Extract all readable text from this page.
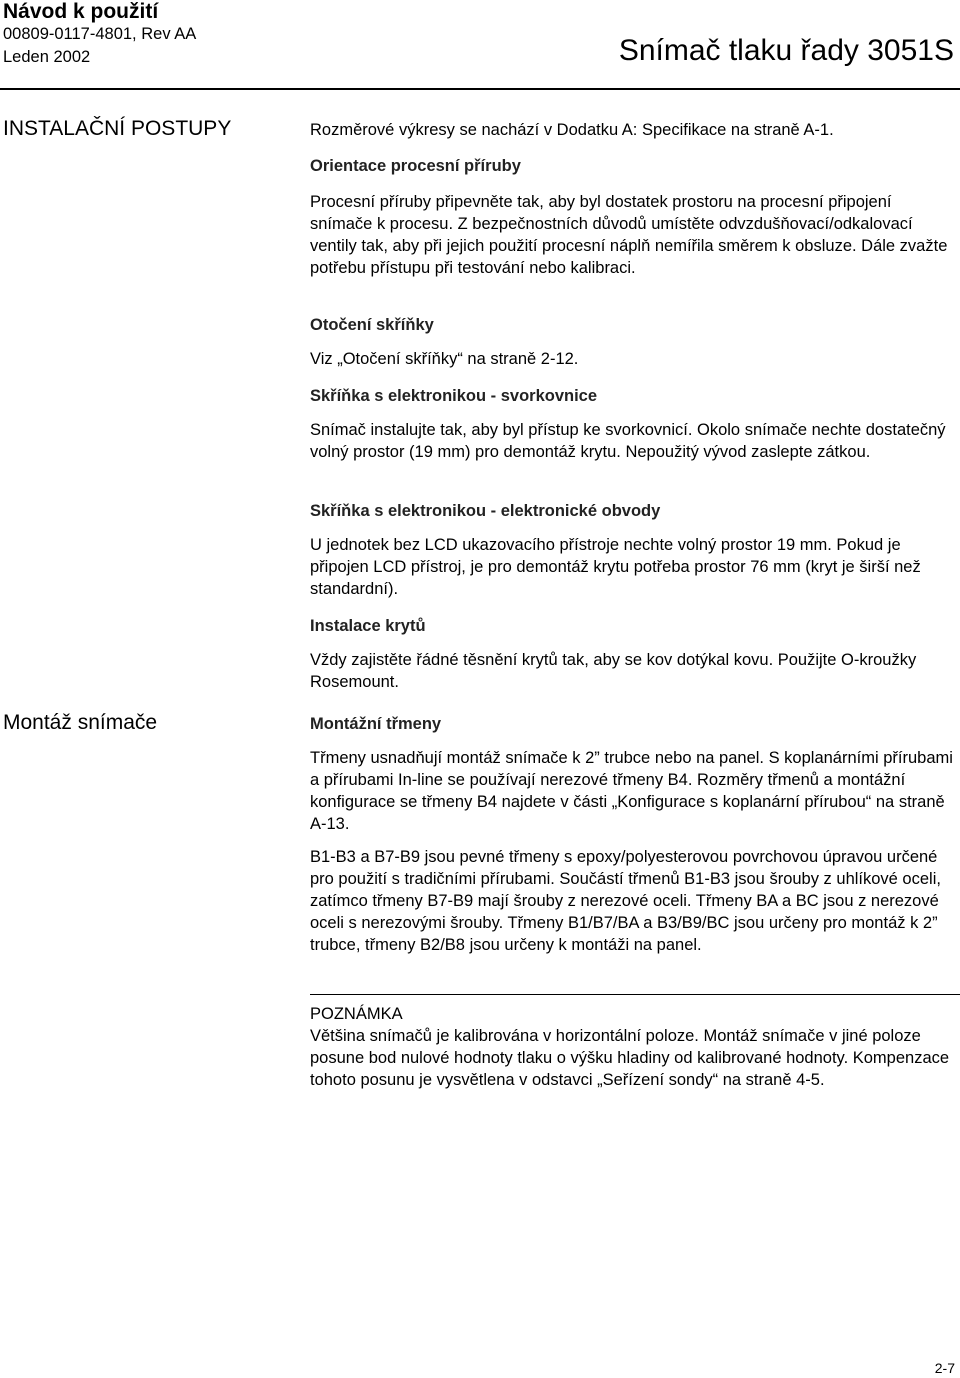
Návod k použití
00809-0117-4801, Rev AA
Leden 2002	Snímač tlaku řady 3051S
INSTALAČNÍ POSTUPY
Montáž snímače
Rozměrové výkresy se nachází v Dodatku A: Specifikace na straně A-1.
Orientace procesní příruby
Procesní příruby připevněte tak, aby byl dostatek prostoru na procesní připojení snímače k procesu. Z bezpečnostních důvodů umístěte odvzdušňovací/odkalovací ventily tak, aby při jejich použití procesní náplň nemířila směrem k obsluze. Dále zvažte potřebu přístupu při testování nebo kalibraci.
Otočení skříňky
Viz „Otočení skříňky“ na straně 2-12.
Skříňka s elektronikou - svorkovnice
Snímač instalujte tak, aby byl přístup ke svorkovnicí. Okolo snímače nechte dostatečný volný prostor (19 mm) pro demontáž krytu. Nepoužitý vývod zaslepte zátkou.
Skříňka s elektronikou - elektronické obvody
U jednotek bez LCD ukazovacího přístroje nechte volný prostor 19 mm. Pokud je připojen LCD přístroj, je pro demontáž krytu potřeba prostor 76 mm (kryt je širší než standardní).
Instalace krytů
Vždy zajistěte řádné těsnění krytů tak, aby se kov dotýkal kovu. Použijte O-kroužky Rosemount.
Montážní třmeny
Třmeny usnadňují montáž snímače k 2” trubce nebo na panel. S koplanárními přírubami a přírubami In-line se používají nerezové třmeny B4. Rozměry třmenů a montážní konfigurace se třmeny B4 najdete v části „Konfigurace s koplanární přírubou“ na straně A-13.
B1-B3 a B7-B9 jsou pevné třmeny s epoxy/polyesterovou povrchovou úpravou určené pro použití s tradičními přírubami. Součástí třmenů B1-B3 jsou šrouby z uhlíkové oceli, zatímco třmeny B7-B9 mají šrouby z nerezové oceli. Třmeny BA a BC jsou z nerezové oceli s nerezovými šrouby. Třmeny B1/B7/BA a B3/B9/BC jsou určeny pro montáž k 2” trubce, třmeny B2/B8 jsou určeny k montáži na panel.
POZNÁMKA
Většina snímačů je kalibrována v horizontální poloze. Montáž snímače v jiné poloze posune bod nulové hodnoty tlaku o výšku hladiny od kalibrované hodnoty. Kompenzace tohoto posunu je vysvětlena v odstavci „Seřízení sondy“ na straně 4-5.
2-7
